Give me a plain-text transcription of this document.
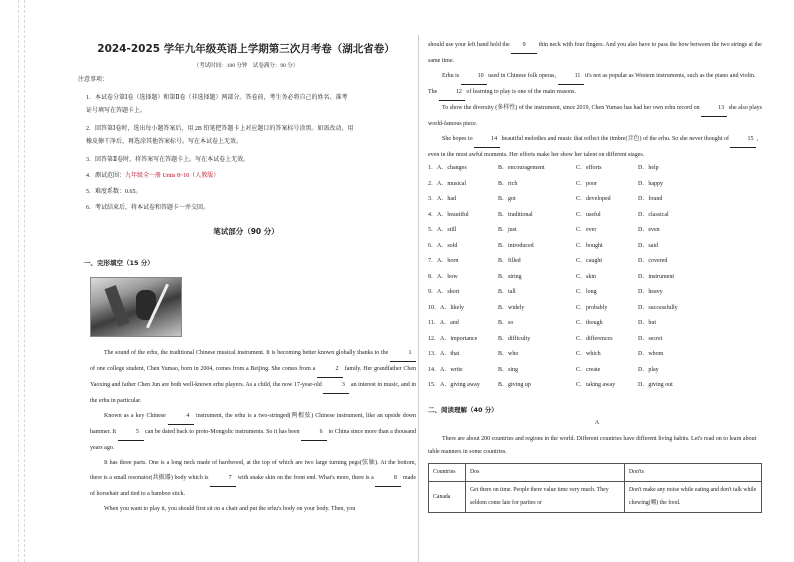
2024-2025 学年九年级英语上学期第三次月考卷（湖北省卷）
（考试时间：100 分钟　试卷满分：90 分）
注意事项：
1．本试卷分第Ⅰ卷（选择题）和第Ⅱ卷（非选择题）两部分。答卷前，考生务必将自己的姓名、准考
证号填写在答题卡上。
2．回答第Ⅰ卷时，选出每小题答案后，用 2B 铅笔把答题卡上对应题目的答案标号涂黑。如需改动，用
橡皮擦干净后，再选涂其他答案标号。写在本试卷上无效。
3．回答第Ⅱ卷时，将答案写在答题卡上。写在本试卷上无效。
4．测试范围：九年级全一册 Units 8~10（人教版）
5．难度系数：0.65。
6．考试结束后，将本试卷和答题卡一并交回。
笔试部分（90 分）
一、完形填空（15 分）

The sound of the erhu, the traditional Chinese musical instrument. It is becoming better known globally thanks to the	1 of one college student, Chen Yumao, born in 2004, comes from a Beijing. She comes from a	2 family. Her grandfather Chen Yaoxing and father Chen Jun are both well-known erhu players. As a child, the now 17-year-old	3 an interest in music, and in the erhu in particular.

Known as a key Chinese	4 instrument, the erhu is a two-stringed(两根弦) Chinese instrument, like an upside down hammer. It	5 can be dated back to proto-Mongolic instruments. So it has been	6 to China since more than a thousand years ago.

It has three parts. One is a long neck made of hardwood, at the top of which are two large turning pegs(弦轴). At the bottom, there is a small resonator(共振器) body which is	7 with snake skin on the front end. What's more, there is a	8 made of horsehair and tied to a bamboo stick.

When you want to play it, you should first sit on a chair and put the erhu's body on your body. Then, you

should use your left hand hold the 9 thin neck with four fingers. And you also have to pass the bow between the two strings at the same time.

Erhu is	10 used in Chinese folk operas,	11 it's not as popular as Western instruments, such as the piano and violin. The	12 of learning to play is one of the main reasons.

To show the diversity (多样性) of the instrument, since 2019, Chen Yumao has had her own erhu record on	13 she also plays world-famous piece.

She hopes to	14 beautiful melodies and music that reflect the timbre(音色) of the erhu. So she never thought of	15 , even in the most awful moments. Her efforts make her show her talent on different stages.

1．A．changes	B．encouragement	C．efforts	D．help
2．A．musical	B．rich	C．poor	D．happy
3．A．had	B．got	C．developed	D．found
4．A．beautiful	B．traditional	C．useful	D．classical
5．A．still	B．just	C．ever	D．even
6．A．sold	B．introduced	C．bought	D．said
7．A．born	B．filled	C．caught	D．covered
8．A．bow	B．string	C．skin	D．instrument
9．A．short	B．tall	C．long	D．heavy
10．A．likely	B．widely	C．probably	D．successfully
11．A．and	B．so	C．though	D．but
12．A．importance	B．difficulty	C．differences	D．secret
13．A．that	B．who	C．which	D．whom
14．A．write	B．sing	C．create	D．play
15．A．giving away	B．giving up	C．taking away	D．giving out
二、阅读理解（40 分）
A

There are about 200 countries and regions in the world. Different countries have different living habits. Let's read on to learn about table manners in some countries.

Countries	Dos	Don'ts
Canada	Get there on time. People there value time very much. They seldom come late for parties or	Don't make any noise while eating and don't talk while chewing(嚼) the food.
